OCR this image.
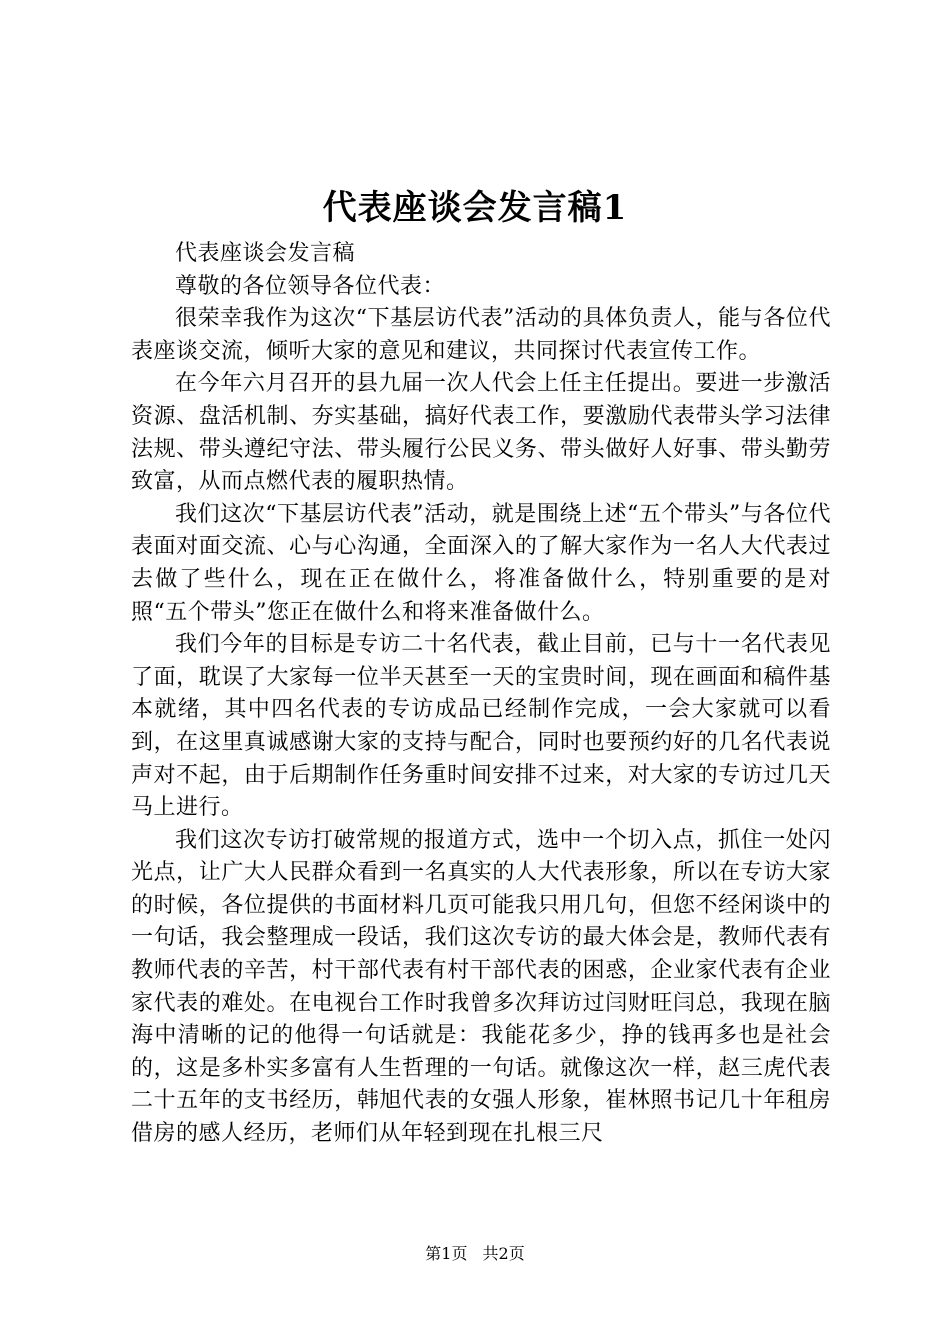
代表座谈会发言稿1

代表座谈会发言稿

尊敬的各位领导各位代表：

很荣幸我作为这次“下基层访代表”活动的具体负责人，能与各位代表座谈交流，倾听大家的意见和建议，共同探讨代表宣传工作。

在今年六月召开的县九届一次人代会上任主任提出。要进一步激活资源、盘活机制、夯实基础，搞好代表工作，要激励代表带头学习法律法规、带头遵纪守法、带头履行公民义务、带头做好人好事、带头勤劳致富，从而点燃代表的履职热情。

我们这次“下基层访代表”活动，就是围绕上述“五个带头”与各位代表面对面交流、心与心沟通，全面深入的了解大家作为一名人大代表过去做了些什么，现在正在做什么，将准备做什么，特别重要的是对照“五个带头”您正在做什么和将来准备做什么。

我们今年的目标是专访二十名代表，截止目前，已与十一名代表见了面，耽误了大家每一位半天甚至一天的宝贵时间，现在画面和稿件基本就绪，其中四名代表的专访成品已经制作完成，一会大家就可以看到，在这里真诚感谢大家的支持与配合，同时也要预约好的几名代表说声对不起，由于后期制作任务重时间安排不过来，对大家的专访过几天马上进行。

我们这次专访打破常规的报道方式，选中一个切入点，抓住一处闪光点，让广大人民群众看到一名真实的人大代表形象，所以在专访大家的时候，各位提供的书面材料几页可能我只用几句，但您不经闲谈中的一句话，我会整理成一段话，我们这次专访的最大体会是，教师代表有教师代表的辛苦，村干部代表有村干部代表的困惑，企业家代表有企业家代表的难处。在电视台工作时我曾多次拜访过闫财旺闫总，我现在脑海中清晰的记的他得一句话就是：我能花多少，挣的钱再多也是社会的，这是多朴实多富有人生哲理的一句话。就像这次一样，赵三虎代表二十五年的支书经历，韩旭代表的女强人形象，崔林照书记几十年租房借房的感人经历，老师们从年轻到现在扎根三尺

第1页 共2页
